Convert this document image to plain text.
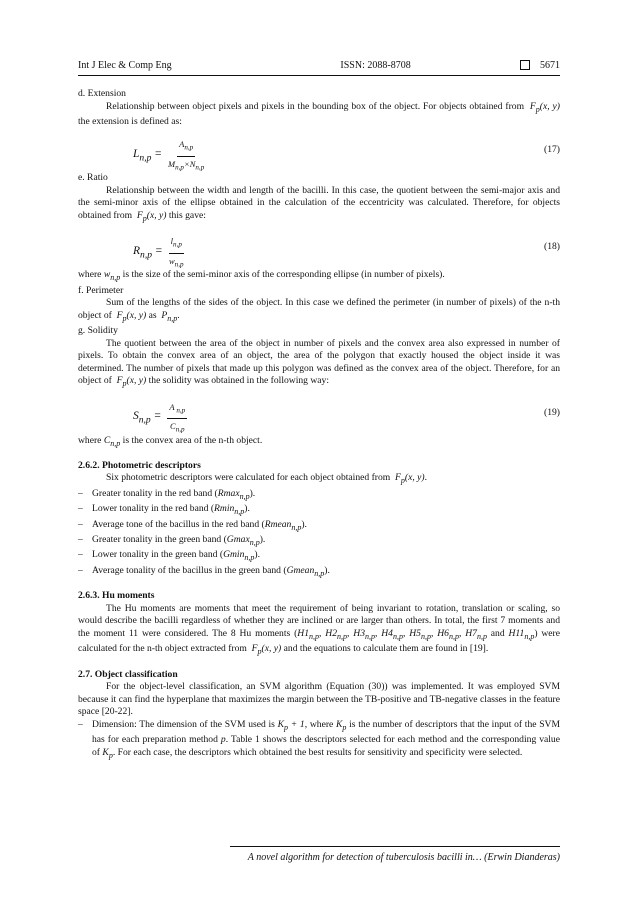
Int J Elec & Comp Eng	ISSN: 2088-8708	5671

d. Extension

Relationship between object pixels and pixels in the bounding box of the object. For objects obtained from  $F_p(x$, y) the extension is defined as:

$L_{n,p} = \frac{A_{n,p}}{M_{n,p}\times N_{n,p}}$	(17)

e. Ratio

Relationship between the width and length of the bacilli. In this case, the quotient between the semi-major axis and the semi-minor axis of the ellipse obtained in the calculation of the eccentricity was calculated. Therefore, for objects obtained from  $F_p(x$, y) this gave:

$R_{n,p} = \frac{l_{n,p}}{w_{n,p}}$	(18)

where $w_{n,p}$ is the size of the semi-minor axis of the corresponding ellipse (in number of pixels).

f. Perimeter

Sum of the lengths of the sides of the object. In this case we defined the perimeter (in number of pixels) of the n-th object of  $F_p(x$, y) as  $P_{n,p}$.

g. Solidity

The quotient between the area of the object in number of pixels and the convex area also expressed in number of pixels. To obtain the convex area of an object, the area of the polygon that exactly housed the object inside it was determined. The number of pixels that made up this polygon was defined as the convex area of the object. Therefore, for an object of  $F_p(x$, y) the solidity was obtained in the following way:

$S_{n,p} = \frac{A _{n,p}}{C_{n,p}}$	(19)

where $C_{n,p}$ is the convex area of the n-th object.

2.6.2. Photometric descriptors

Six photometric descriptors were calculated for each object obtained from  $F_p(x$, y).

– Greater tonality in the red band (Rmax$_{n,p}$).
– Lower tonality in the red band (Rmin$_{n,p}$).
– Average tone of the bacillus in the red band (Rmean$_{n,p}$).
– Greater tonality in the green band (Gmax$_{n,p}$).
– Lower tonality in the green band (Gmin$_{n,p}$).
– Average tonality of the bacillus in the green band (Gmean$_{n,p}$).

2.6.3. Hu moments

The Hu moments are moments that meet the requirement of being invariant to rotation, translation or scaling, so would describe the bacilli regardless of whether they are inclined or are larger than others. In total, the first 7 moments and the moment 11 were considered. The 8 Hu moments ($H1_{n,p}$, $H2_{n,p}$, $H3_{n,p}$, $H4_{n,p}$, $H5_{n,p}$, $H6_{n,p}$, $H7_{n,p}$ and $H11_{n,p}$) were calculated for the n-th object extracted from  $F_p(x$, y) and the equations to calculate them are found in [19].

2.7. Object classification

For the object-level classification, an SVM algorithm (Equation (30)) was implemented. It was employed SVM because it can find the hyperplane that maximizes the margin between the TB-positive and TB-negative classes in the feature space [20-22].

– Dimension: The dimension of the SVM used is $K_p + 1$, where $K_p$ is the number of descriptors that the input of the SVM has for each preparation method p. Table 1 shows the descriptors selected for each method and the corresponding value of $K_p$. For each case, the descriptors which obtained the best results for sensitivity and specificity were selected.
A novel algorithm for detection of tuberculosis bacilli in… (Erwin Dianderas)
